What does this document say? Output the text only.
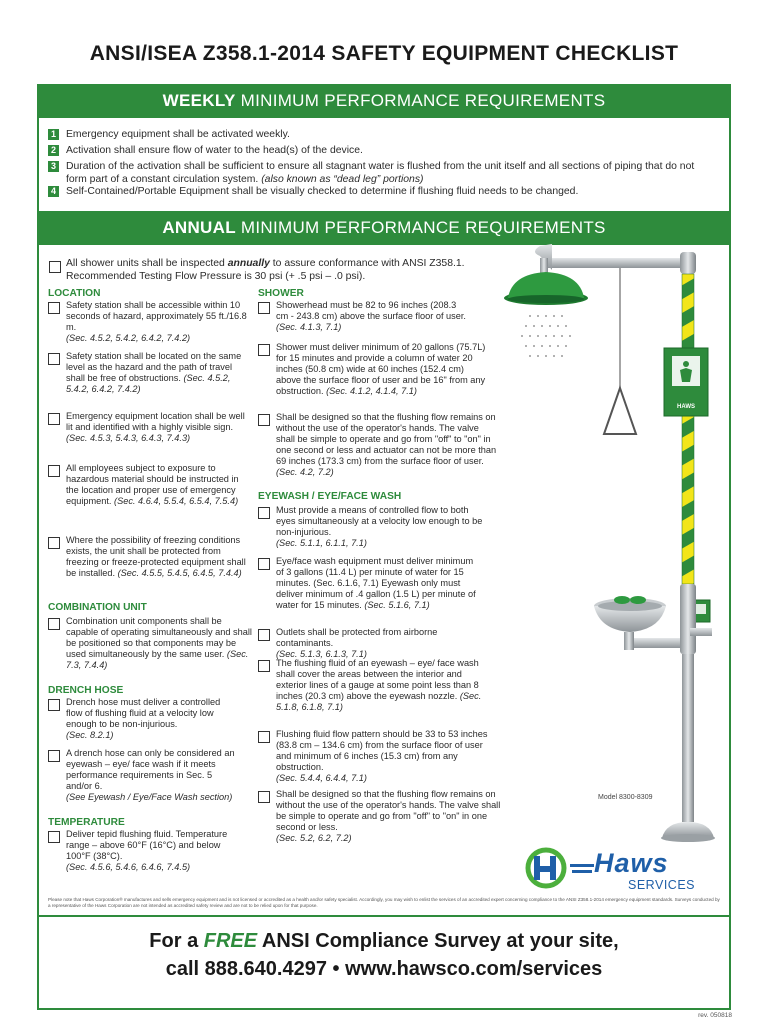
ANSI/ISEA Z358.1-2014 SAFETY EQUIPMENT CHECKLIST
WEEKLY MINIMUM PERFORMANCE REQUIREMENTS
1 Emergency equipment shall be activated weekly.
2 Activation shall ensure flow of water to the head(s) of the device.
3 Duration of the activation shall be sufficient to ensure all stagnant water is flushed from the unit itself and all sections of piping that do not form part of a constant circulation system. (also known as “dead leg” portions)
4 Self-Contained/Portable Equipment shall be visually checked to determine if flushing fluid needs to be changed.
ANNUAL MINIMUM PERFORMANCE REQUIREMENTS
All shower units shall be inspected annually to assure conformance with ANSI Z358.1.
Recommended Testing Flow Pressure is 30 psi (+ .5 psi – .0 psi).
LOCATION
Safety station shall be accessible within 10 seconds of hazard, approximately 55 ft./16.8 m.
(Sec. 4.5.2, 5.4.2, 6.4.2, 7.4.2)
Safety station shall be located on the same level as the hazard and the path of travel shall be free of obstructions. (Sec. 4.5.2, 5.4.2, 6.4.2, 7.4.2)
Emergency equipment location shall be well lit and identified with a highly visible sign.
(Sec. 4.5.3, 5.4.3, 6.4.3, 7.4.3)
All employees subject to exposure to hazardous material should be instructed in the location and proper use of emergency equipment. (Sec. 4.6.4, 5.5.4, 6.5.4, 7.5.4)
Where the possibility of freezing conditions exists, the unit shall be protected from freezing or freeze-protected equipment shall be installed. (Sec. 4.5.5, 5.4.5, 6.4.5, 7.4.4)
COMBINATION UNIT
Combination unit components shall be capable of operating simultaneously and shall be positioned so that components may be used simultaneously by the same user. (Sec. 7.3, 7.4.4)
DRENCH HOSE
Drench hose must deliver a controlled flow of flushing fluid at a velocity low enough to be non-injurious.
(Sec. 8.2.1)
A drench hose can only be considered an eyewash – eye/ face wash if it meets performance requirements in Sec. 5 and/or 6.
(See Eyewash / Eye/Face Wash section)
TEMPERATURE
Deliver tepid flushing fluid. Temperature range – above 60°F (16°C) and below 100°F (38°C).
(Sec. 4.5.6, 5.4.6, 6.4.6, 7.4.5)
SHOWER
Showerhead must be 82 to 96 inches (208.3 cm - 243.8 cm) above the surface floor of user. (Sec. 4.1.3, 7.1)
Shower must deliver minimum of 20 gallons (75.7L) for 15 minutes and provide a column of water 20 inches (50.8 cm) wide at 60 inches (152.4 cm) above the surface floor of user and be 16" from any obstruction. (Sec. 4.1.2, 4.1.4, 7.1)
Shall be designed so that the flushing flow remains on without the use of the operator's hands. The valve shall be simple to operate and go from "off" to "on" in one second or less and actuator can not be more than 69 inches (173.3 cm) from the surface floor of user. (Sec. 4.2, 7.2)
EYEWASH / EYE/FACE WASH
Must provide a means of controlled flow to both eyes simultaneously at a velocity low enough to be non-injurious.
(Sec. 5.1.1, 6.1.1, 7.1)
Eye/face wash equipment must deliver minimum of 3 gallons (11.4 L) per minute of water for 15 minutes. (Sec. 6.1.6, 7.1) Eyewash only must deliver minimum of .4 gallon (1.5 L) per minute of water for 15 minutes. (Sec. 5.1.6, 7.1)
Outlets shall be protected from airborne contaminants.
(Sec. 5.1.3, 6.1.3, 7.1)
The flushing fluid of an eyewash – eye/ face wash shall cover the areas between the interior and exterior lines of a gauge at some point less than 8 inches (20.3 cm) above the eyewash nozzle. (Sec. 5.1.8, 6.1.8, 7.1)
Flushing fluid flow pattern should be 33 to 53 inches (83.8 cm – 134.6 cm) from the surface floor of user and minimum of 6 inches (15.3 cm) from any obstruction.
(Sec. 5.4.4, 6.4.4, 7.1)
Shall be designed so that the flushing flow remains on without the use of the operator's hands. The valve shall be simple to operate and go from "off" to "on" in one second or less.
(Sec. 5.2, 6.2, 7.2)
HAWS
Model 8300-8309
Haws
SERVICES
Please note that Haws Corporation® manufactures and sells emergency equipment and is not licensed or accredited as a health and/or safety specialist. Accordingly, you may wish to enlist the services of an accredited expert concerning compliance to the ANSI Z358.1-2014 emergency equipment standards. Surveys conducted by a representative of the Haws Corporation are not intended as accredited safety review and are not to be relied upon for that purpose.
For a FREE ANSI Compliance Survey at your site,
call 888.640.4297 • www.hawsco.com/services
rev. 050818
